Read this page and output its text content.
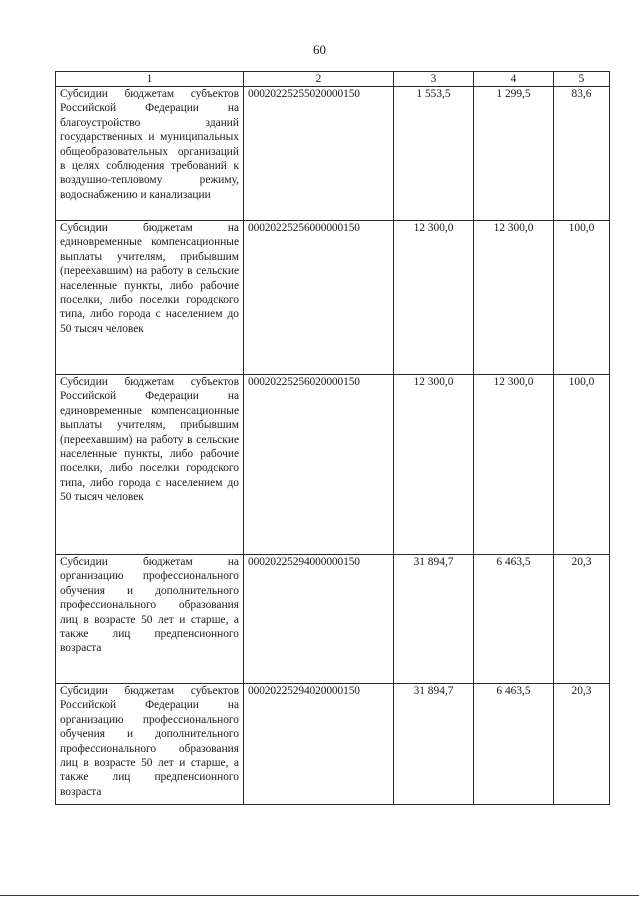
60
1	2	3	4	5
Субсидии бюджетам субъектов Российской Федерации на благоустройство зданий государственных и муниципальных общеобразовательных организаций в целях соблюдения требований к воздушно-тепловому режиму, водоснабжению и канализации	00020225255020000150	1 553,5	1 299,5	83,6
Субсидии бюджетам на единовременные компенсационные выплаты учителям, прибывшим (переехавшим) на работу в сельские населенные пункты, либо рабочие поселки, либо поселки городского типа, либо города с населением до 50 тысяч человек	00020225256000000150	12 300,0	12 300,0	100,0
Субсидии бюджетам субъектов Российской Федерации на единовременные компенсационные выплаты учителям, прибывшим (переехавшим) на работу в сельские населенные пункты, либо рабочие поселки, либо поселки городского типа, либо города с населением до 50 тысяч человек	00020225256020000150	12 300,0	12 300,0	100,0
Субсидии бюджетам на организацию профессионального обучения и дополнительного профессионального образования лиц в возрасте 50 лет и старше, а также лиц предпенсионного возраста	00020225294000000150	31 894,7	6 463,5	20,3
Субсидии бюджетам субъектов Российской Федерации на организацию профессионального обучения и дополнительного профессионального образования лиц в возрасте 50 лет и старше, а также лиц предпенсионного возраста	00020225294020000150	31 894,7	6 463,5	20,3
